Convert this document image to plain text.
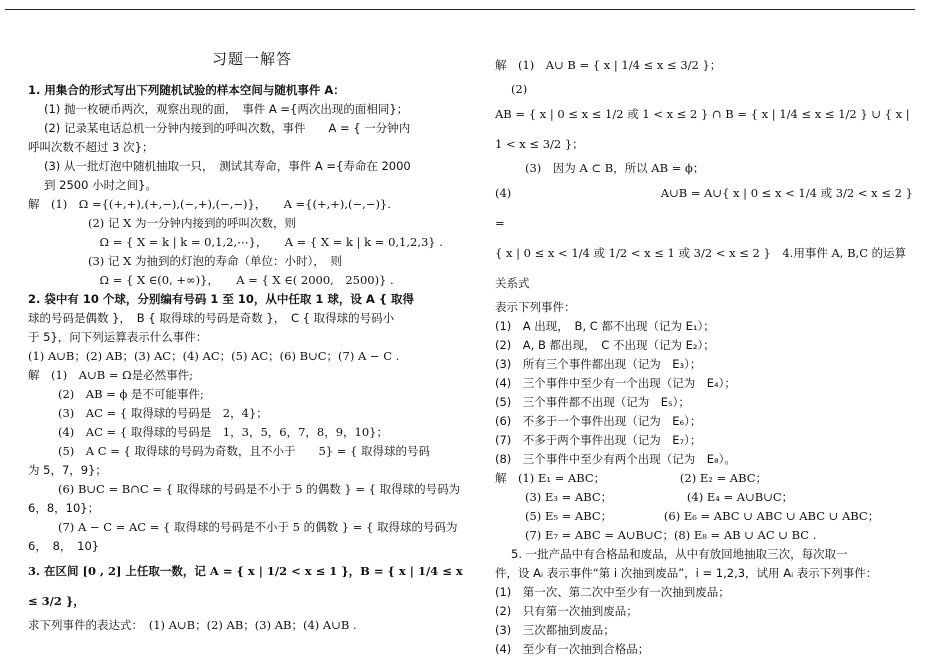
习题一解答
1. 用集合的形式写出下列随机试验的样本空间与随机事件 A：
(1) 抛一枚硬币两次，观察出现的面，　事件 A ={两次出现的面相同}；
(2) 记录某电话总机一分钟内接到的呼叫次数，事件　　A = { 一分钟内
呼叫次数不超过 3 次}；
(3) 从一批灯泡中随机抽取一只，　测试其寿命，事件 A ={寿命在 2000
到 2500 小时之间}。
解　(1)　Ω ={(+,+),(+,−),(−,+),(−,−)}，　　A ={(+,+),(−,−)}.
(2) 记 X 为一分钟内接到的呼叫次数，则
　Ω = { X = k | k = 0,1,2,⋯}，　　A = { X = k | k = 0,1,2,3} .
(3) 记 X 为抽到的灯泡的寿命（单位：小时），　则
　Ω = { X ∈(0, +∞)}，　　A = { X ∈( 2000,　2500)} .
2. 袋中有 10 个球，分别编有号码 1 至 10，从中任取 1 球，设 A { 取得
球的号码是偶数 }，　B { 取得球的号码是奇数 }，　C { 取得球的号码小
于 5}，问下列运算表示什么事件：
(1) A∪B；(2) AB；(3) AC；(4) AC；(5) AC；(6) B∪C；(7) A − C .
解　(1)　A∪B = Ω是必然事件;
(2)　AB = ϕ 是不可能事件;
(3)　AC = { 取得球的号码是　2，4}；
(4)　AC = { 取得球的号码是　1，3，5，6，7，8，9，10}；
(5)　A C = { 取得球的号码为奇数，且不小于　　5} = { 取得球的号码
为 5，7，9}；
(6) B∪C = B∩C = { 取得球的号码是不小于 5 的偶数 } = { 取得球的号码为
6，8，10}；
(7) A − C = AC = { 取得球的号码是不小于 5 的偶数 } = { 取得球的号码为
6，　8，　10}
3. 在区间 [0 , 2] 上任取一数，记 A = { x | 1/2 < x ≤ 1 }，B = { x | 1/4 ≤ x ≤ 3/2 }，
求下列事件的表达式：　(1) A∪B；(2) AB；(3) AB；(4) A∪B .
解　(1)　A∪ B = { x | 1/4 ≤ x ≤ 3/2 }；
(2)
AB = { x | 0 ≤ x ≤ 1/2 或 1 < x ≤ 2 } ∩ B = { x | 1/4 ≤ x ≤ 1/2 } ∪ { x | 1 < x ≤ 3/2 }；
(3)　因为 A ⊂ B，所以 AB = ϕ；
(4)　　　　　　　　　　　　　A∪B = A∪{ x | 0 ≤ x < 1/4 或 3/2 < x ≤ 2 } =
{ x | 0 ≤ x < 1/4 或 1/2 < x ≤ 1 或 3/2 < x ≤ 2 }　4.用事件 A, B,C 的运算关系式
表示下列事件：
(1)　A 出现，　B, C 都不出现（记为 E₁）；
(2)　A, B 都出现，　C 不出现（记为 E₂）；
(3)　所有三个事件都出现（记为　E₃）；
(4)　三个事件中至少有一个出现（记为　E₄）；
(5)　三个事件都不出现（记为　E₅）；
(6)　不多于一个事件出现（记为　E₆）；
(7)　不多于两个事件出现（记为　E₇）；
(8)　三个事件中至少有两个出现（记为　E₈）。
解　(1) E₁ = ABC；　　　　　　　(2) E₂ = ABC；
(3) E₃ = ABC；　　　　　　　(4) E₄ = A∪B∪C；
(5) E₅ = ABC；　　　　　(6) E₆ = ABC ∪ ABC ∪ ABC ∪ ABC；
(7) E₇ = ABC = A∪B∪C；(8) E₈ = AB ∪ AC ∪ BC .
5. 一批产品中有合格品和废品，从中有放回地抽取三次，每次取一
件，设 Aᵢ 表示事件“第 i 次抽到废品”，i = 1,2,3，试用 Aᵢ 表示下列事件：
(1)　第一次、第二次中至少有一次抽到废品；
(2)　只有第一次抽到废品；
(3)　三次都抽到废品；
(4)　至少有一次抽到合格品；
